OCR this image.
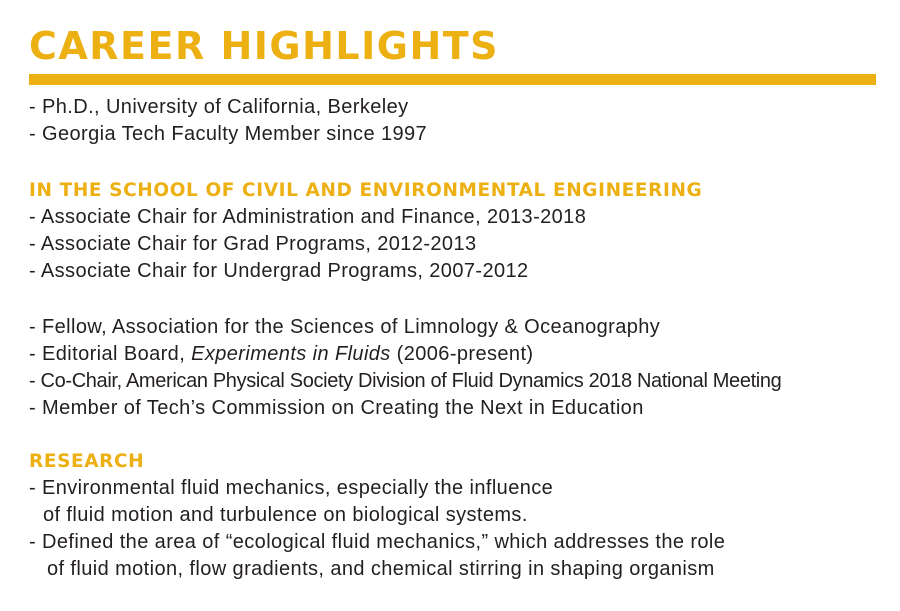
CAREER HIGHLIGHTS
- Ph.D., University of California, Berkeley
- Georgia Tech Faculty Member since 1997
IN THE SCHOOL OF CIVIL AND ENVIRONMENTAL ENGINEERING
- Associate Chair for Administration and Finance, 2013-2018
- Associate Chair for Grad Programs, 2012-2013
- Associate Chair for Undergrad Programs, 2007-2012
- Fellow, Association for the Sciences of Limnology & Oceanography
- Editorial Board, Experiments in Fluids (2006-present)
- Co-Chair, American Physical Society Division of Fluid Dynamics 2018 National Meeting
- Member of Tech’s Commission on Creating the Next in Education
RESEARCH
- Environmental fluid mechanics, especially the influence
of fluid motion and turbulence on biological systems.
- Defined the area of “ecological fluid mechanics,” which addresses the role
of fluid motion, flow gradients, and chemical stirring in shaping organism
